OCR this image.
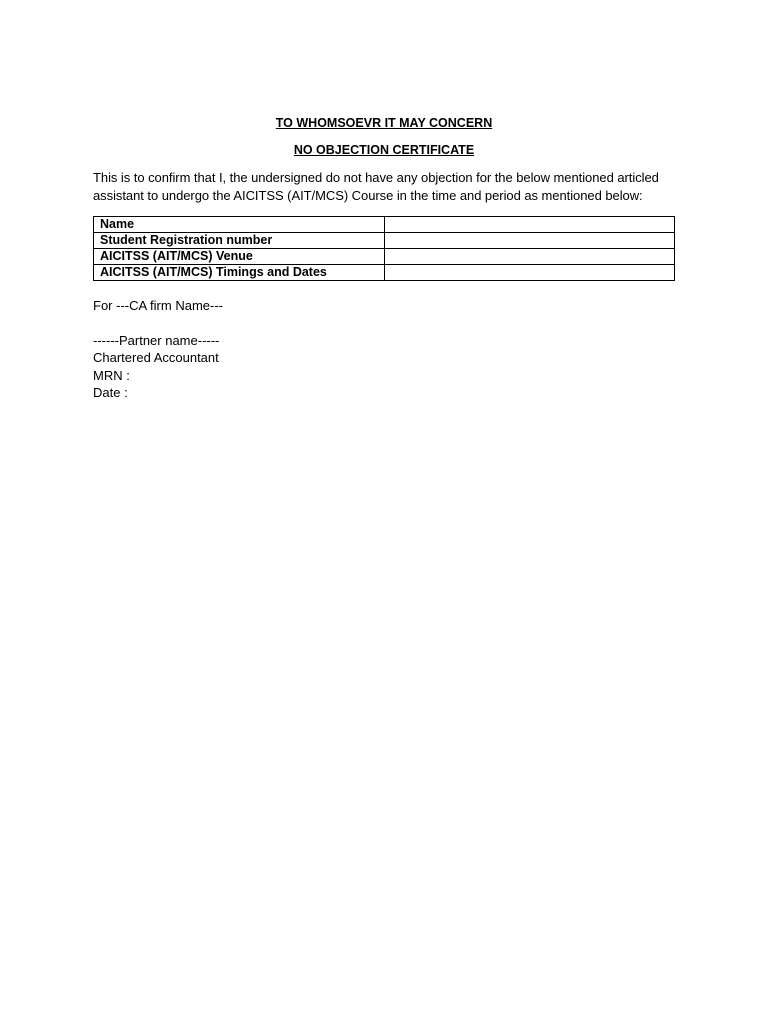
TO WHOMSOEVR IT MAY CONCERN

NO OBJECTION CERTIFICATE

This is to confirm that I, the undersigned do not have any objection for the below mentioned articled assistant to undergo the AICITSS (AIT/MCS) Course in the time and period as mentioned below:

Name	
Student Registration number	
AICITSS (AIT/MCS) Venue	
AICITSS (AIT/MCS) Timings and Dates	

For ---CA firm Name---

------Partner name-----

Chartered Accountant

MRN :

Date :
